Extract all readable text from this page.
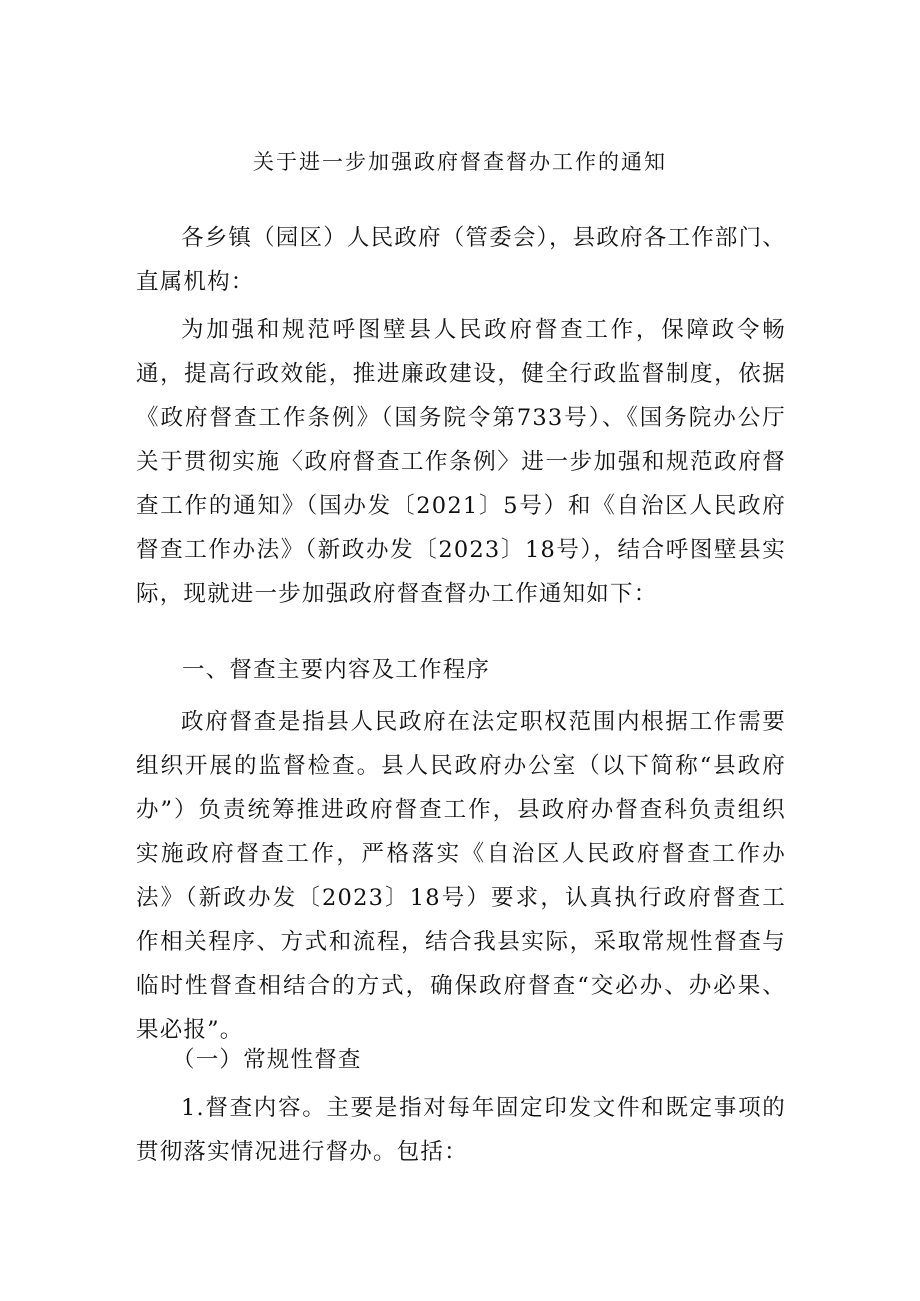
关于进一步加强政府督查督办工作的通知

各乡镇（园区）人民政府（管委会），县政府各工作部门、直属机构：

为加强和规范呼图壁县人民政府督查工作，保障政令畅通，提高行政效能，推进廉政建设，健全行政监督制度，依据《政府督查工作条例》（国务院令第733号）、《国务院办公厅关于贯彻实施〈政府督查工作条例〉进一步加强和规范政府督查工作的通知》（国办发〔2021〕5号）和《自治区人民政府督查工作办法》（新政办发〔2023〕18号），结合呼图壁县实际，现就进一步加强政府督查督办工作通知如下：

一、督查主要内容及工作程序

政府督查是指县人民政府在法定职权范围内根据工作需要组织开展的监督检查。县人民政府办公室（以下简称“县政府办”）负责统筹推进政府督查工作，县政府办督查科负责组织实施政府督查工作，严格落实《自治区人民政府督查工作办法》（新政办发〔2023〕18号）要求，认真执行政府督查工作相关程序、方式和流程，结合我县实际，采取常规性督查与临时性督查相结合的方式，确保政府督查“交必办、办必果、果必报”。

（一）常规性督查

1.督查内容。主要是指对每年固定印发文件和既定事项的贯彻落实情况进行督办。包括：
